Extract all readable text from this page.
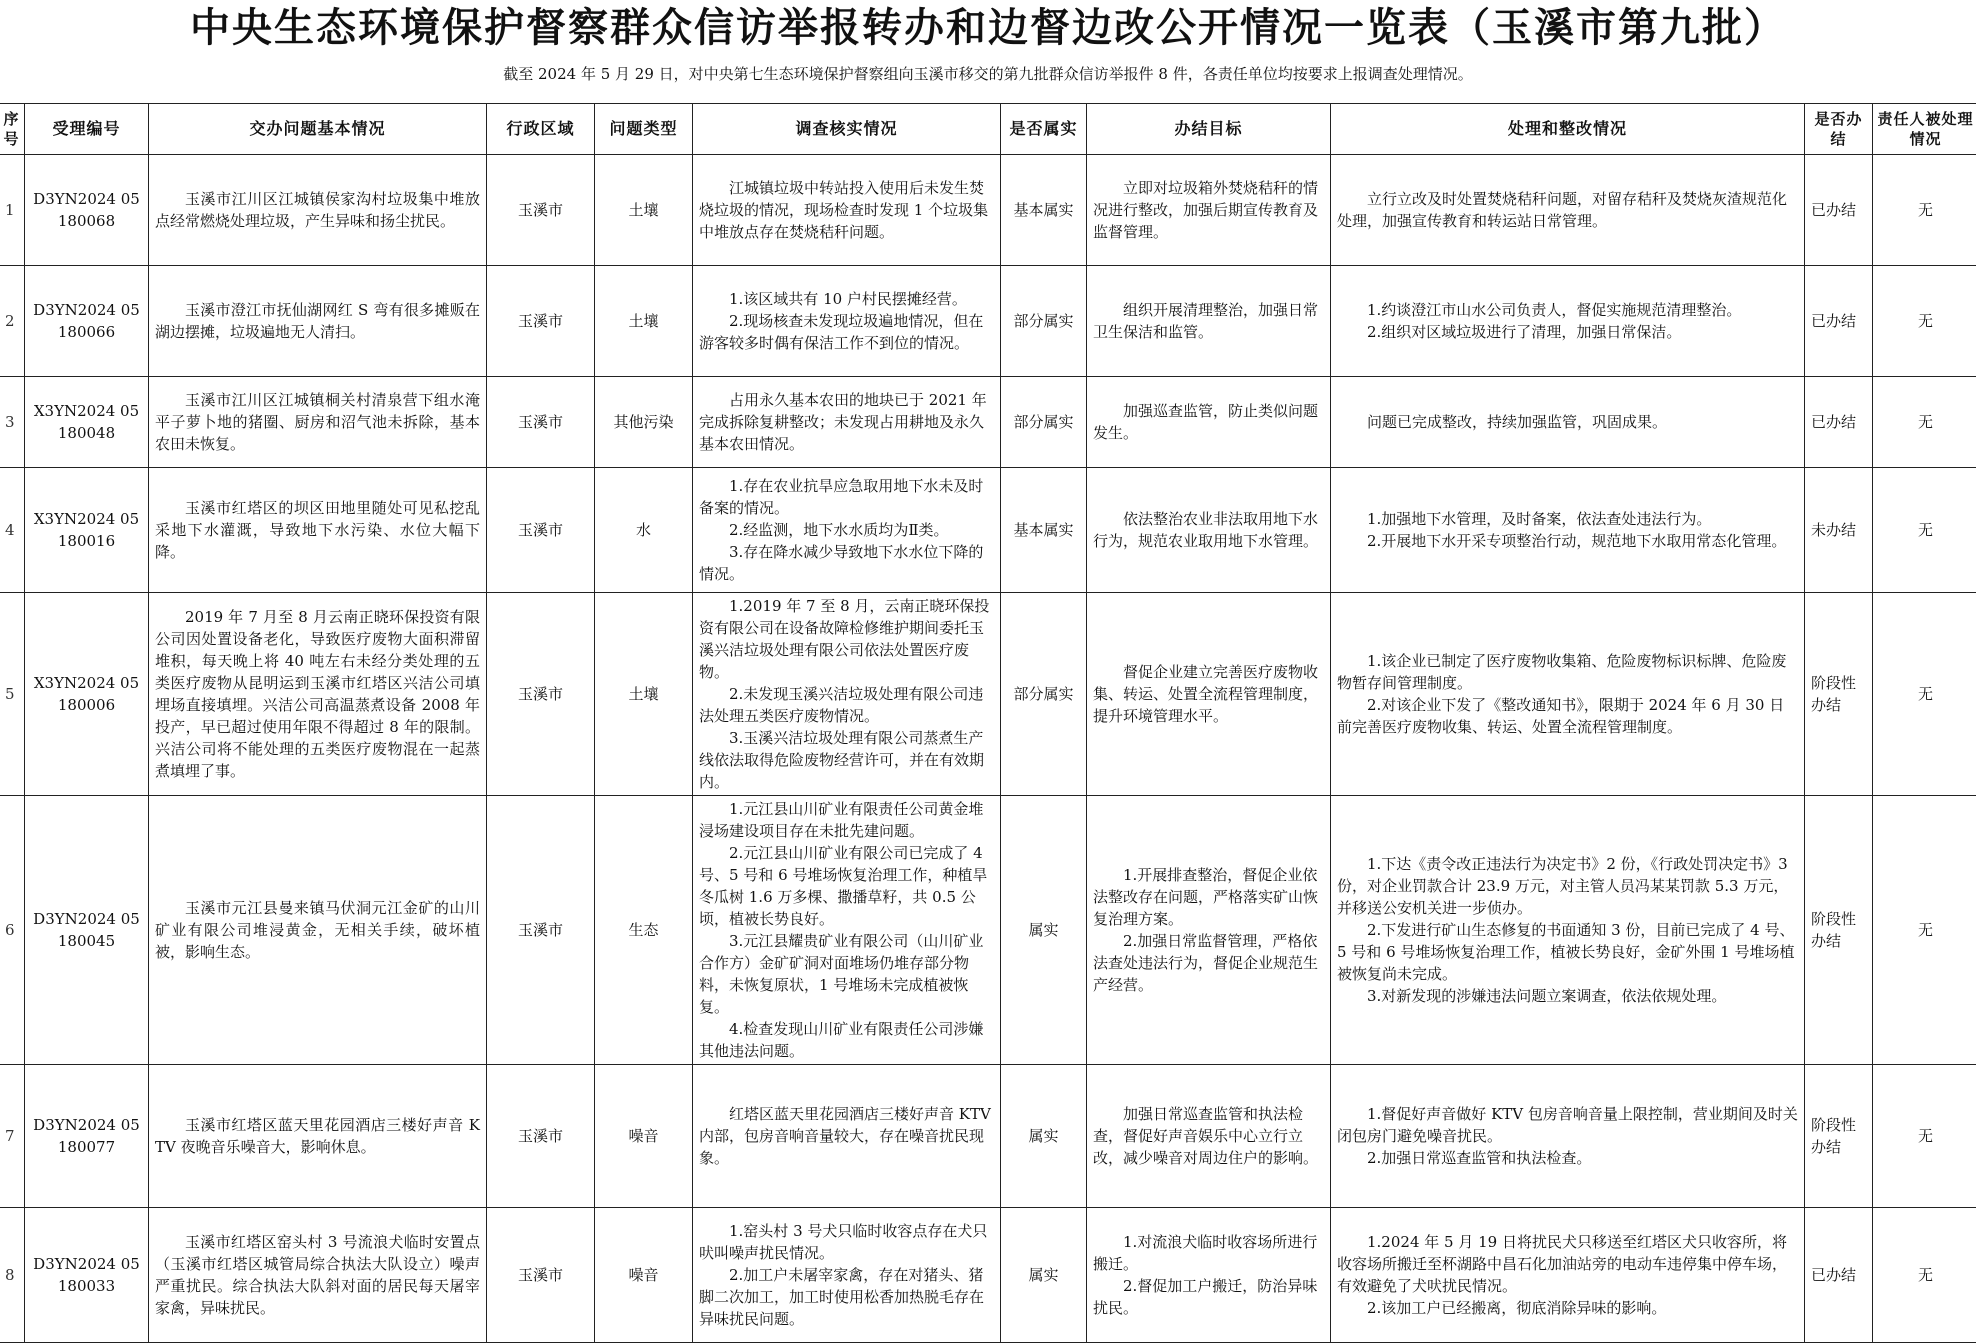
中央生态环境保护督察群众信访举报转办和边督边改公开情况一览表（玉溪市第九批）
截至 2024 年 5 月 29 日，对中央第七生态环境保护督察组向玉溪市移交的第九批群众信访举报件 8 件，各责任单位均按要求上报调查处理情况。
序号	受理编号	交办问题基本情况	行政区域	问题类型	调查核实情况	是否属实	办结目标	处理和整改情况	是否办结	责任人被处理情况
1	D3YN2024 05180068	玉溪市江川区江城镇侯家沟村垃圾集中堆放点经常燃烧处理垃圾，产生异味和扬尘扰民。	玉溪市	土壤	江城镇垃圾中转站投入使用后未发生焚烧垃圾的情况，现场检查时发现 1 个垃圾集中堆放点存在焚烧秸秆问题。	基本属实	立即对垃圾箱外焚烧秸秆的情况进行整改，加强后期宣传教育及监督管理。	立行立改及时处置焚烧秸秆问题，对留存秸秆及焚烧灰渣规范化处理，加强宣传教育和转运站日常管理。	已办结	无
2	D3YN2024 05180066	玉溪市澄江市抚仙湖网红 S 弯有很多摊贩在湖边摆摊，垃圾遍地无人清扫。	玉溪市	土壤	1.该区域共有 10 户村民摆摊经营。
2.现场核查未发现垃圾遍地情况，但在游客较多时偶有保洁工作不到位的情况。	部分属实	组织开展清理整治，加强日常卫生保洁和监管。	1.约谈澄江市山水公司负责人，督促实施规范清理整治。
2.组织对区域垃圾进行了清理，加强日常保洁。	已办结	无
3	X3YN2024 05180048	玉溪市江川区江城镇桐关村清泉营下组水淹平子萝卜地的猪圈、厨房和沼气池未拆除，基本农田未恢复。	玉溪市	其他污染	占用永久基本农田的地块已于 2021 年完成拆除复耕整改；未发现占用耕地及永久基本农田情况。	部分属实	加强巡查监管，防止类似问题发生。	问题已完成整改，持续加强监管，巩固成果。	已办结	无
4	X3YN2024 05180016	玉溪市红塔区的坝区田地里随处可见私挖乱采地下水灌溉，导致地下水污染、水位大幅下降。	玉溪市	水	1.存在农业抗旱应急取用地下水未及时备案的情况。
2.经监测，地下水水质均为Ⅱ类。
3.存在降水减少导致地下水水位下降的情况。	基本属实	依法整治农业非法取用地下水行为，规范农业取用地下水管理。	1.加强地下水管理，及时备案，依法查处违法行为。
2.开展地下水开采专项整治行动，规范地下水取用常态化管理。	未办结	无
5	X3YN2024 05180006	2019 年 7 月至 8 月云南正晓环保投资有限公司因处置设备老化，导致医疗废物大面积滞留堆积，每天晚上将 40 吨左右未经分类处理的五类医疗废物从昆明运到玉溪市红塔区兴洁公司填埋场直接填埋。兴洁公司高温蒸煮设备 2008 年投产，早已超过使用年限不得超过 8 年的限制。兴洁公司将不能处理的五类医疗废物混在一起蒸煮填埋了事。	玉溪市	土壤	1.2019 年 7 至 8 月，云南正晓环保投资有限公司在设备故障检修维护期间委托玉溪兴洁垃圾处理有限公司依法处置医疗废物。
2.未发现玉溪兴洁垃圾处理有限公司违法处理五类医疗废物情况。
3.玉溪兴洁垃圾处理有限公司蒸煮生产线依法取得危险废物经营许可，并在有效期内。	部分属实	督促企业建立完善医疗废物收集、转运、处置全流程管理制度，提升环境管理水平。	1.该企业已制定了医疗废物收集箱、危险废物标识标牌、危险废物暂存间管理制度。
2.对该企业下发了《整改通知书》，限期于 2024 年 6 月 30 日前完善医疗废物收集、转运、处置全流程管理制度。	阶段性办结	无
6	D3YN2024 05180045	玉溪市元江县曼来镇马伏洞元江金矿的山川矿业有限公司堆浸黄金，无相关手续，破坏植被，影响生态。	玉溪市	生态	1.元江县山川矿业有限责任公司黄金堆浸场建设项目存在未批先建问题。
2.元江县山川矿业有限公司已完成了 4 号、5 号和 6 号堆场恢复治理工作，种植旱冬瓜树 1.6 万多棵、撒播草籽，共 0.5 公顷，植被长势良好。
3.元江县耀贵矿业有限公司（山川矿业合作方）金矿矿洞对面堆场仍堆存部分物料，未恢复原状，1 号堆场未完成植被恢复。
4.检查发现山川矿业有限责任公司涉嫌其他违法问题。	属实	1.开展排查整治，督促企业依法整改存在问题，严格落实矿山恢复治理方案。
2.加强日常监督管理，严格依法查处违法行为，督促企业规范生产经营。	1.下达《责令改正违法行为决定书》2 份，《行政处罚决定书》3 份，对企业罚款合计 23.9 万元，对主管人员冯某某罚款 5.3 万元，并移送公安机关进一步侦办。
2.下发进行矿山生态修复的书面通知 3 份，目前已完成了 4 号、5 号和 6 号堆场恢复治理工作，植被长势良好，金矿外围 1 号堆场植被恢复尚未完成。
3.对新发现的涉嫌违法问题立案调查，依法依规处理。	阶段性办结	无
7	D3YN2024 05180077	玉溪市红塔区蓝天里花园酒店三楼好声音 KTV 夜晚音乐噪音大，影响休息。	玉溪市	噪音	红塔区蓝天里花园酒店三楼好声音 KTV 内部，包房音响音量较大，存在噪音扰民现象。	属实	加强日常巡查监管和执法检查，督促好声音娱乐中心立行立改，减少噪音对周边住户的影响。	1.督促好声音做好 KTV 包房音响音量上限控制，营业期间及时关闭包房门避免噪音扰民。
2.加强日常巡查监管和执法检查。	阶段性办结	无
8	D3YN2024 05180033	玉溪市红塔区窑头村 3 号流浪犬临时安置点（玉溪市红塔区城管局综合执法大队设立）噪声严重扰民。综合执法大队斜对面的居民每天屠宰家禽，异味扰民。	玉溪市	噪音	1.窑头村 3 号犬只临时收容点存在犬只吠叫噪声扰民情况。
2.加工户未屠宰家禽，存在对猪头、猪脚二次加工，加工时使用松香加热脱毛存在异味扰民问题。	属实	1.对流浪犬临时收容场所进行搬迁。
2.督促加工户搬迁，防治异味扰民。	1.2024 年 5 月 19 日将扰民犬只移送至红塔区犬只收容所，将收容场所搬迁至杯湖路中昌石化加油站旁的电动车违停集中停车场，有效避免了犬吠扰民情况。
2.该加工户已经搬离，彻底消除异味的影响。	已办结	无
